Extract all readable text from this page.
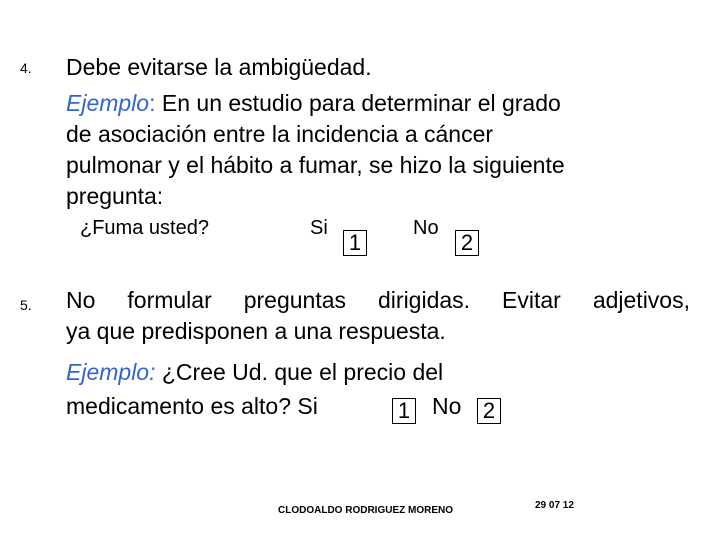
4. Debe evitarse la ambigüedad.
Ejemplo: En un estudio para determinar el grado
de asociación entre la incidencia a cáncer
pulmonar y el hábito a fumar, se hizo la siguiente
pregunta:
¿Fuma usted?	Si
1
No
2
5. No formular preguntas dirigidas. Evitar adjetivos,
ya que predisponen a una respuesta.
Ejemplo: ¿Cree Ud. que el precio del
medicamento es alto? Si	1 No 2
CLODOALDO RODRIGUEZ MORENO	29 07 12
